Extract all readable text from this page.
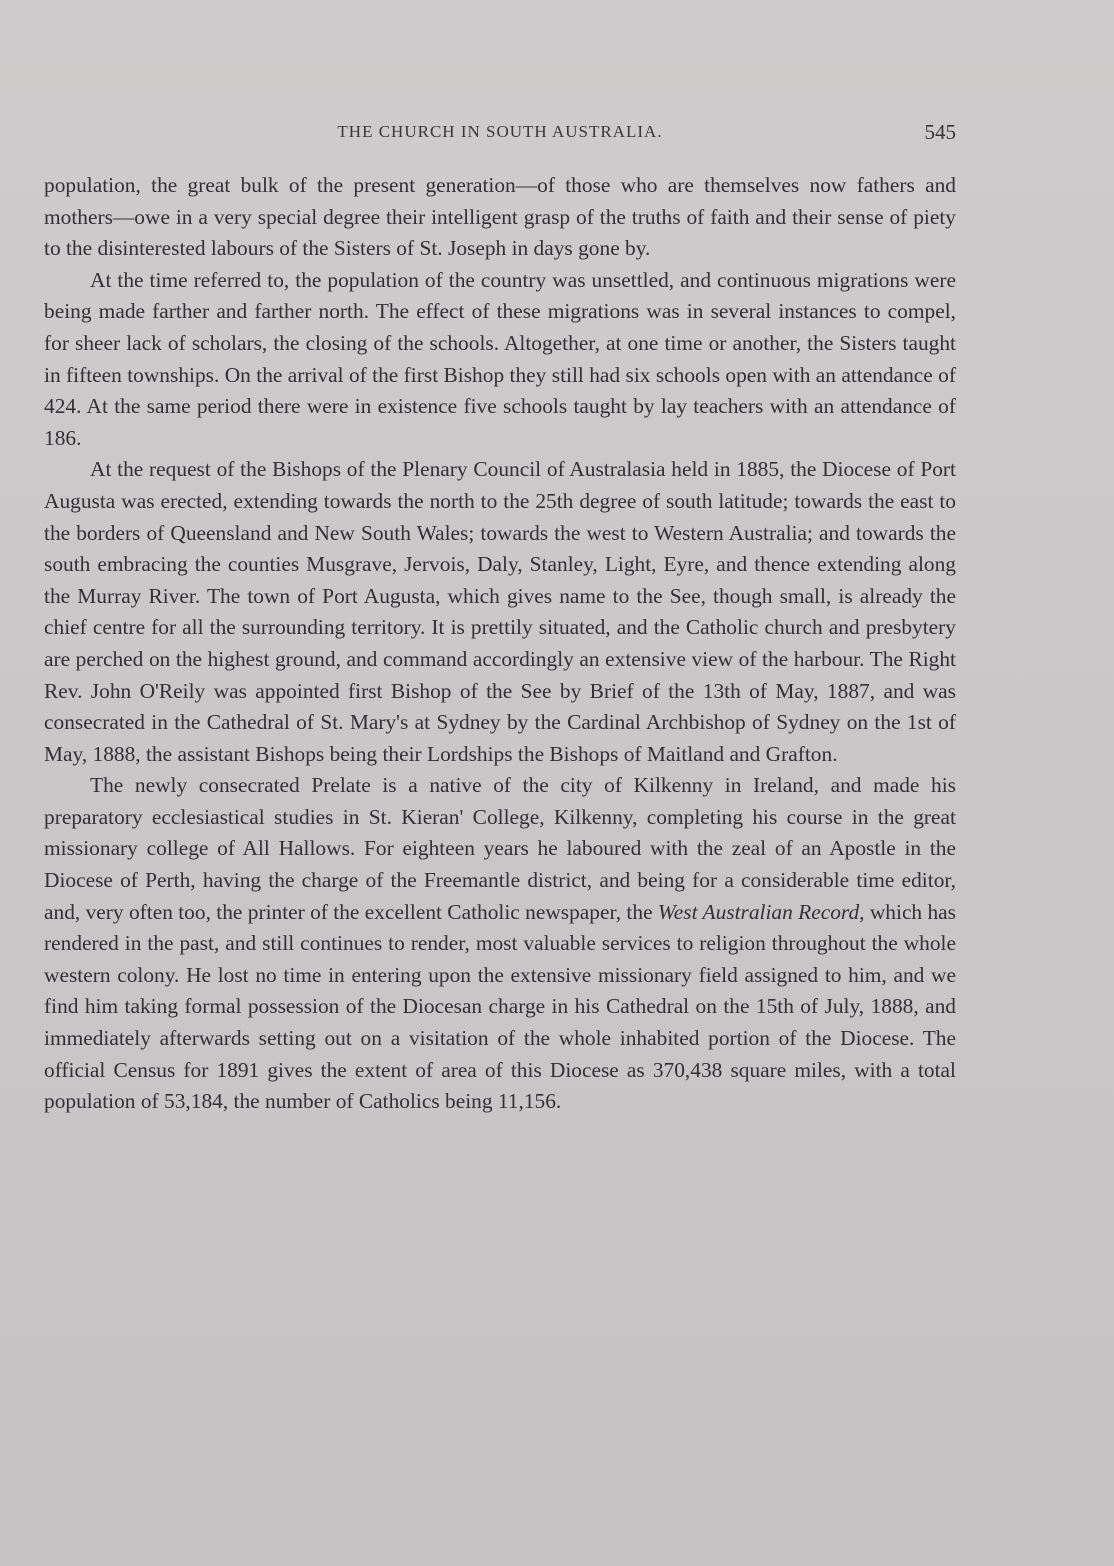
THE CHURCH IN SOUTH AUSTRALIA.	545

population, the great bulk of the present generation—of those who are themselves now fathers and mothers—owe in a very special degree their intelligent grasp of the truths of faith and their sense of piety to the disinterested labours of the Sisters of St. Joseph in days gone by.

At the time referred to, the population of the country was unsettled, and continuous migrations were being made farther and farther north. The effect of these migrations was in several instances to compel, for sheer lack of scholars, the closing of the schools. Altogether, at one time or another, the Sisters taught in fifteen townships. On the arrival of the first Bishop they still had six schools open with an attendance of 424. At the same period there were in existence five schools taught by lay teachers with an attendance of 186.

At the request of the Bishops of the Plenary Council of Australasia held in 1885, the Diocese of Port Augusta was erected, extending towards the north to the 25th degree of south latitude; towards the east to the borders of Queensland and New South Wales; towards the west to Western Australia; and towards the south embracing the counties Musgrave, Jervois, Daly, Stanley, Light, Eyre, and thence extending along the Murray River. The town of Port Augusta, which gives name to the See, though small, is already the chief centre for all the surrounding territory. It is prettily situated, and the Catholic church and presbytery are perched on the highest ground, and command accordingly an extensive view of the harbour. The Right Rev. John O'Reily was appointed first Bishop of the See by Brief of the 13th of May, 1887, and was consecrated in the Cathedral of St. Mary's at Sydney by the Cardinal Archbishop of Sydney on the 1st of May, 1888, the assistant Bishops being their Lordships the Bishops of Maitland and Grafton.

The newly consecrated Prelate is a native of the city of Kilkenny in Ireland, and made his preparatory ecclesiastical studies in St. Kieran' College, Kilkenny, completing his course in the great missionary college of All Hallows. For eighteen years he laboured with the zeal of an Apostle in the Diocese of Perth, having the charge of the Freemantle district, and being for a considerable time editor, and, very often too, the printer of the excellent Catholic newspaper, the West Australian Record, which has rendered in the past, and still continues to render, most valuable services to religion throughout the whole western colony. He lost no time in entering upon the extensive missionary field assigned to him, and we find him taking formal possession of the Diocesan charge in his Cathedral on the 15th of July, 1888, and immediately afterwards setting out on a visitation of the whole inhabited portion of the Diocese. The official Census for 1891 gives the extent of area of this Diocese as 370,438 square miles, with a total population of 53,184, the number of Catholics being 11,156.
